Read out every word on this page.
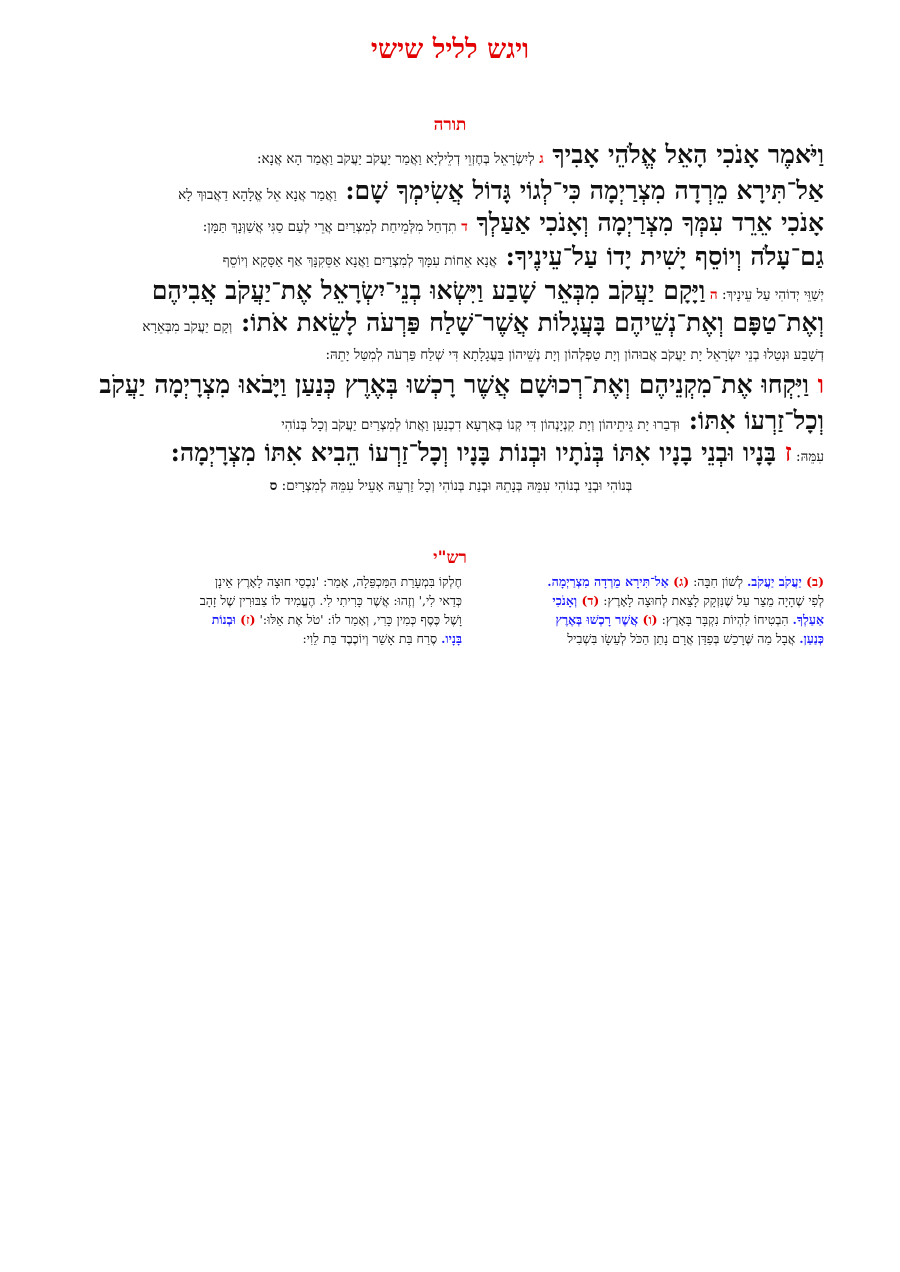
ויגש לליל שישי
תורה
וַיֹּאמֶר אָנֹכִי הָאֵל אֱלֹהֵי אָבִיךָ ג לְיִשְׂרָאֵל בְּחֶזְוֵי דְלֵילְיָא וַאֲמַר יַעֲקֹב יַעֲקֹב וַאֲמַר הָא אֲנָא:
אַל־תִּירָא מֵרְדָה מִצְרַיְמָה כִּי־לְגוֹי גָּדוֹל אֲשִׂימְךָ שָׁם: וַאֲמַר אֲנָא אֵל אֱלָהָא דַאֲבוּךְ לָא
אָנֹכִי אֵרֵד עִמְּךָ מִצְרַיְמָה וְאָנֹכִי אַעַלְךָ ד תִדְחַל מִלְּמֵיחַת לְמִצְרַיִם אֲרֵי לְעַם סַגִּי אֲשַׁוְּנָךְ תַּמָּן:
גַם־עָלֹה וְיוֹסֵף יָשִׁית יָדוֹ עַל־עֵינֶיךָ: אֲנָא אֵחוֹת עִמָּךְ לְמִצְרַיִם וַאֲנָא אַסֵּקִנָּךְ אַף אַסָּקָא וְיוֹסֵף
יְשַׁוֵּי יְדוֹהִי עַל עֵינָיךְ: ה וַיָּקָם יַעֲקֹב מִבְּאֵר שָׁבַע וַיִּשְׂאוּ בְנֵי־יִשְׂרָאֵל אֶת־יַעֲקֹב אֲבִיהֶם
וְאֶת־טַפָּם וְאֶת־נְשֵׁיהֶם בָּעֲגָלוֹת אֲשֶׁר־שָׁלַח פַּרְעֹה לָשֵׂאת אֹתוֹ: וְקָם יַעֲקֹב מִבְּאֵרָא
דְשָׁבַע וּנְטַלוּ בְנֵי יִשְׂרָאֵל יָת יַעֲקֹב אֲבוּהוֹן וְיָת טַפְלְהוֹן וְיָת נְשֵׁיהוֹן בַּעֲגָלָתָא דִּי שְׁלַח פַּרְעֹה לְמִטַּל יָתֵהּ:
ו וַיִּקְחוּ אֶת־מִקְנֵיהֶם וְאֶת־רְכוּשָׁם אֲשֶׁר רָכְשׁוּ בְּאֶרֶץ כְּנַעַן וַיָּבֹאוּ מִצְרָיְמָה יַעֲקֹב
וְכָל־זַרְעוֹ אִתּוֹ: וּדְבַרוּ יָת גֵּיתֵיהוֹן וְיָת קִנְיָנְהוֹן דִּי קְנוֹ בְּאַרְעָא דִכְנַעַן וַאֲתוֹ לְמִצְרַיִם יַעֲקֹב וְכָל בְּנוֹהִי
עִמֵּהּ: ז בָּנָיו וּבְנֵי בָנָיו אִתּוֹ בְּנֹתָיו וּבְנוֹת בָּנָיו וְכָל־זַרְעוֹ הֵבִיא אִתּוֹ מִצְרָיְמָה:
בְּנוֹהִי וּבְנֵי בְנוֹהִי עִמֵּהּ בְּנָתֵהּ וּבְנַת בְּנוֹהִי וְכָל זַרְעֵהּ אָעֵיל עִמֵּהּ לְמִצְרָיִם: ס
רש"י
(ב) יַעֲקֹב יַעֲקֹב. לְשׁוֹן חִבָּה: (ג) אַל־תִּירָא מֵרְדָה מִצְרַיְמָה.
לְפִי שֶׁהָיָה מֵצֵר עַל שֶׁנִּזְקָק לָצֵאת לְחוּצָה לָאָרֶץ: (ד) וְאָנֹכִי
אַעַלְךָ. הִבְטִיחוֹ לִהְיוֹת נִקְבָּר בָּאָרֶץ: (ו) אֲשֶׁר רָכְשׁוּ בְּאֶרֶץ
כְּנַעַן. אֲבָל מַה שֶּׁרָכַשׁ בְּפַדַּן אֲרָם נָתַן הַכֹּל לְעֵשָׂו בִּשְׁבִיל
חֶלְקוֹ בִּמְעָרַת הַמַּכְפֵּלָה, אָמַר: 'נִכְסֵי חוּצָה לָאָרֶץ אֵינָן
כְּדַאי לִי,' וְזֶהוּ: אֲשֶׁר כָּרִיתִי לִי. הֶעֱמִיד לוֹ צִבּוּרִין שֶׁל זָהָב
וָשֶׁל כֶּסֶף כְּמִין כָּרִי, וְאָמַר לוֹ: 'טֹל אֶת אֵלּוּ:' (ז) וּבְנוֹת
בָּנָיו. סֶרַח בַּת אָשֵׁר וְיוֹכֶבֶד בַּת לֵוִי:
